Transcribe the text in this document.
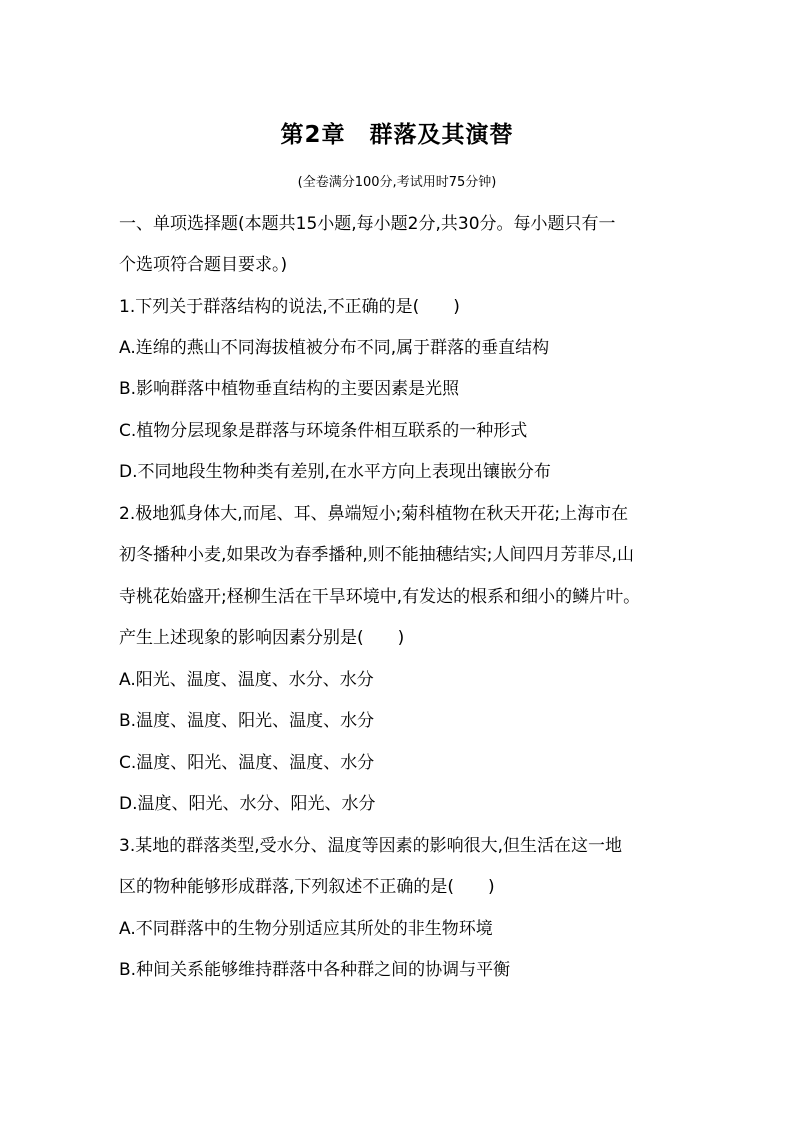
第2章　群落及其演替
(全卷满分100分,考试用时75分钟)
一、单项选择题(本题共15小题,每小题2分,共30分。每小题只有一
个选项符合题目要求。)
1.下列关于群落结构的说法,不正确的是(　　)
A.连绵的燕山不同海拔植被分布不同,属于群落的垂直结构
B.影响群落中植物垂直结构的主要因素是光照
C.植物分层现象是群落与环境条件相互联系的一种形式
D.不同地段生物种类有差别,在水平方向上表现出镶嵌分布
2.极地狐身体大,而尾、耳、鼻端短小;菊科植物在秋天开花;上海市在
初冬播种小麦,如果改为春季播种,则不能抽穗结实;人间四月芳菲尽,山
寺桃花始盛开;柽柳生活在干旱环境中,有发达的根系和细小的鳞片叶。
产生上述现象的影响因素分别是(　　)
A.阳光、温度、温度、水分、水分
B.温度、温度、阳光、温度、水分
C.温度、阳光、温度、温度、水分
D.温度、阳光、水分、阳光、水分
3.某地的群落类型,受水分、温度等因素的影响很大,但生活在这一地
区的物种能够形成群落,下列叙述不正确的是(　　)
A.不同群落中的生物分别适应其所处的非生物环境
B.种间关系能够维持群落中各种群之间的协调与平衡
